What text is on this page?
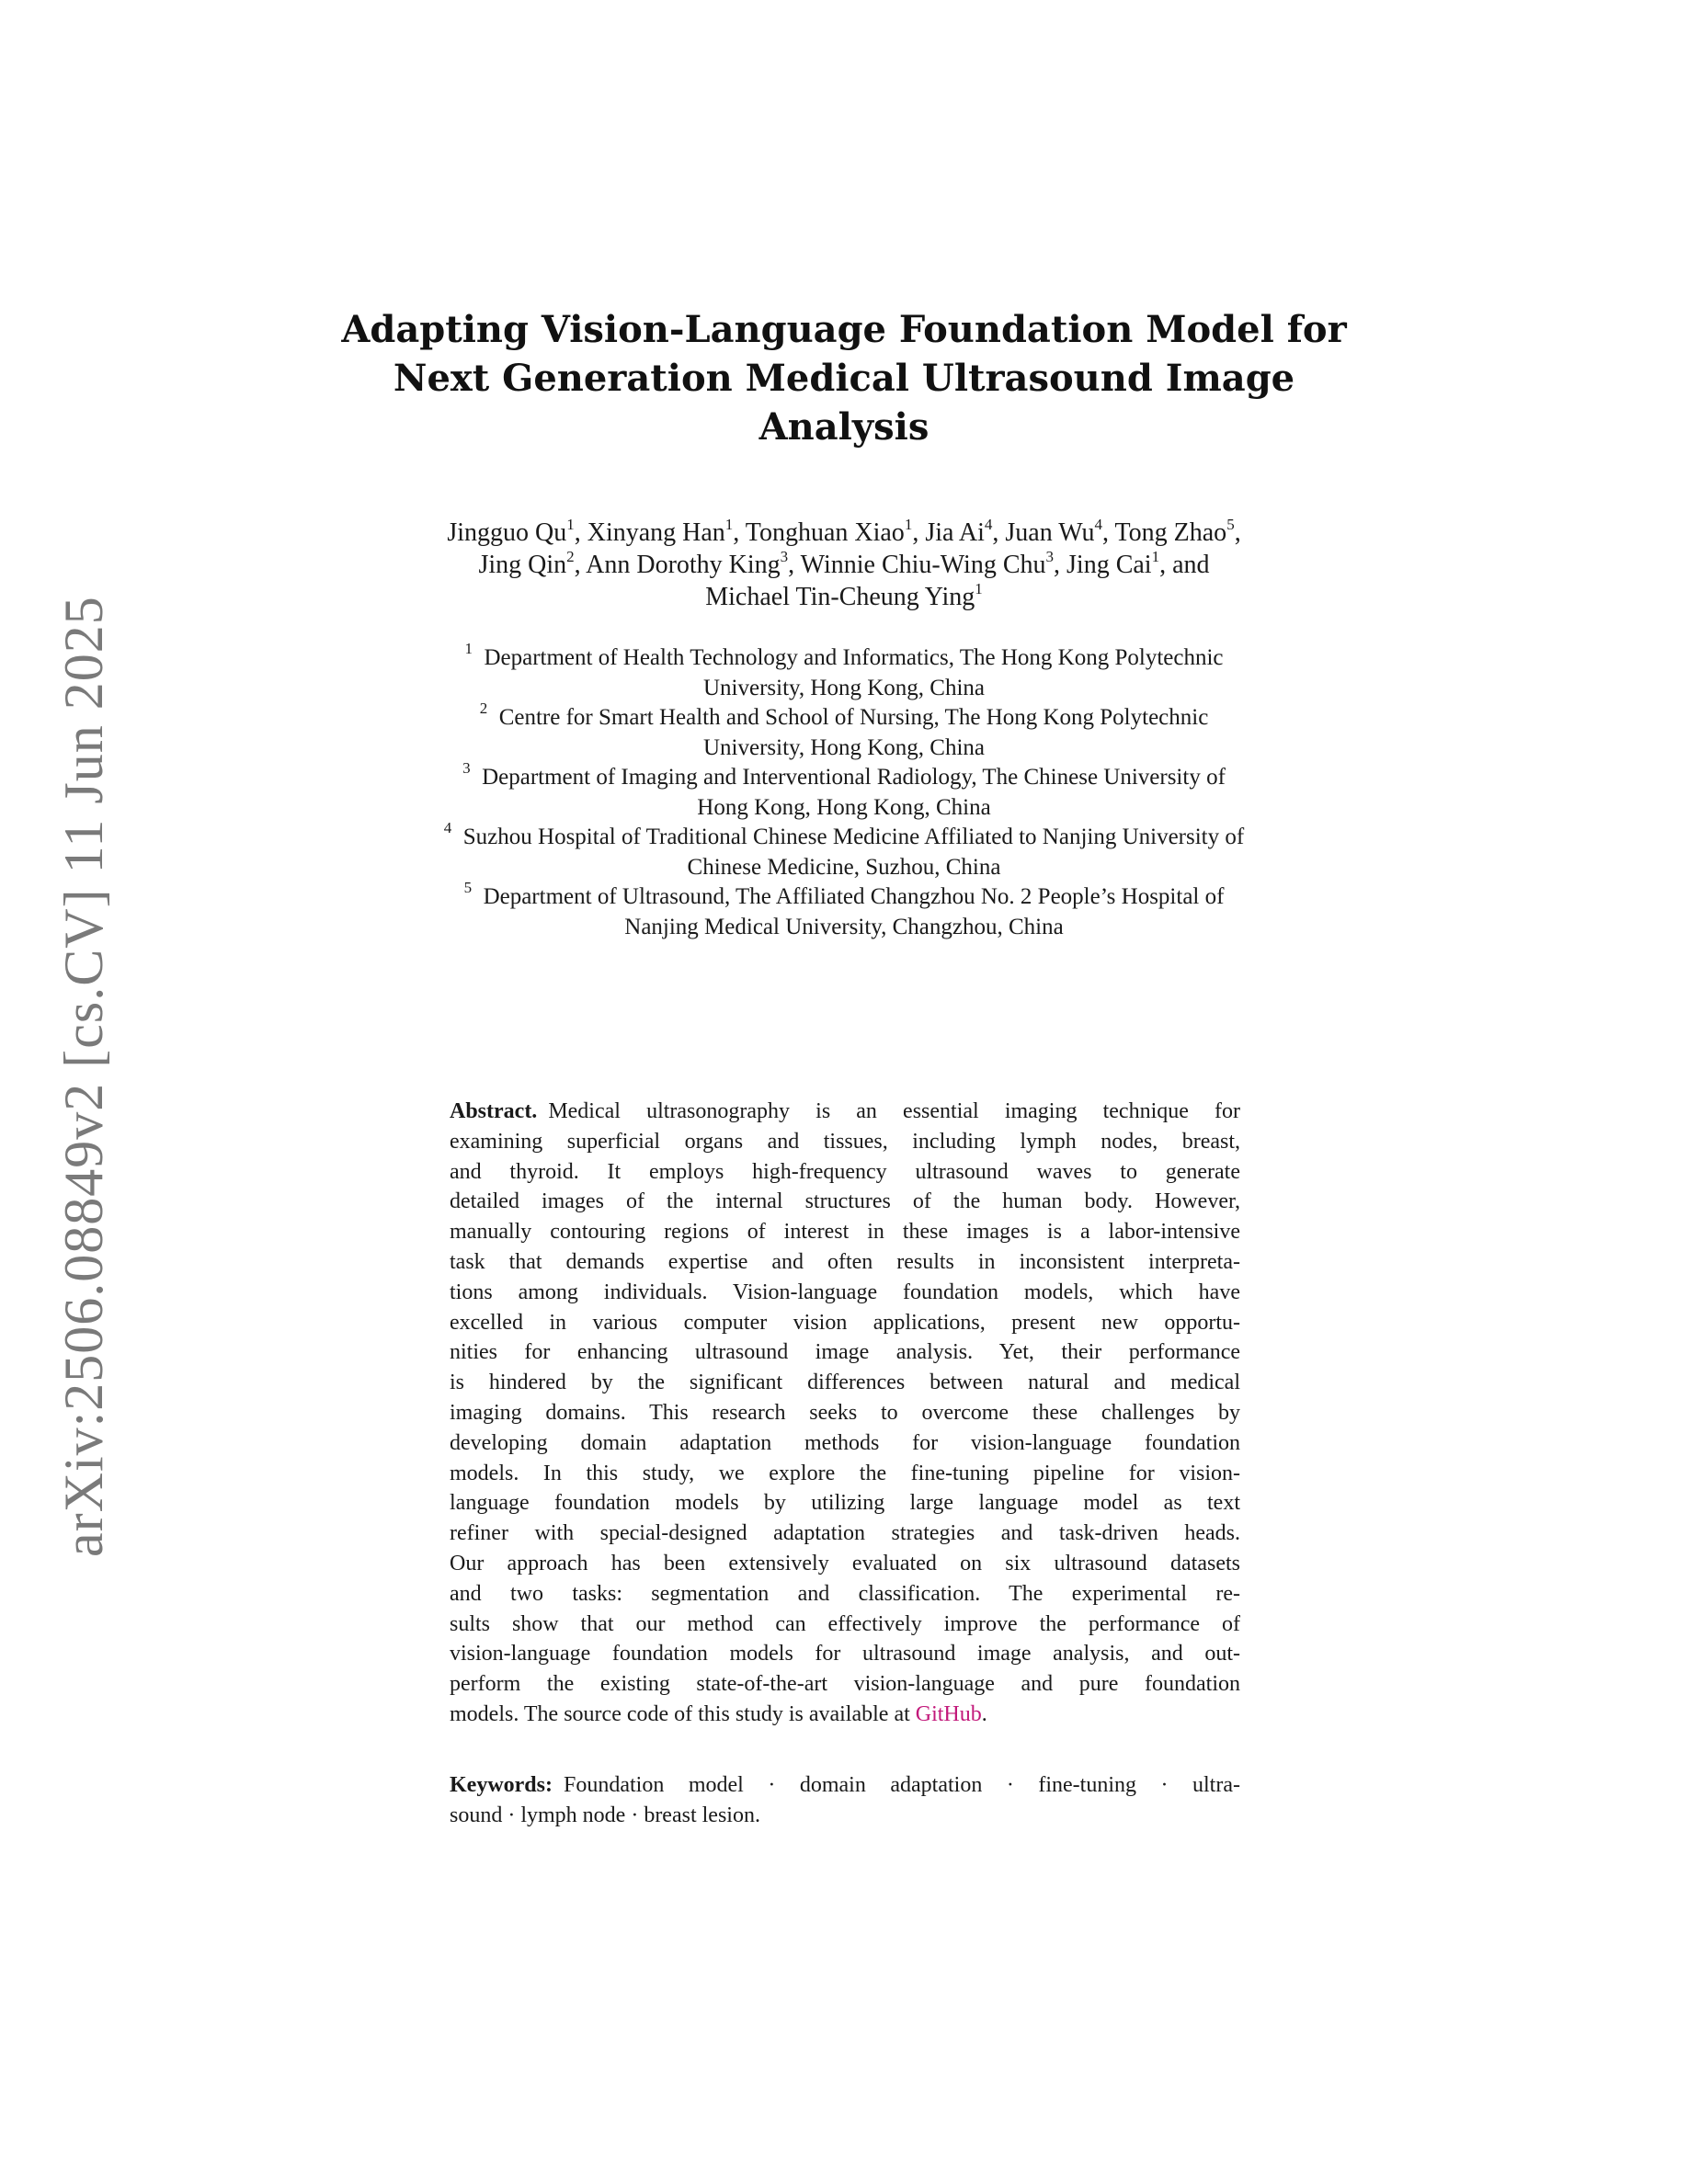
arXiv:2506.08849v2 [cs.CV] 11 Jun 2025
Adapting Vision-Language Foundation Model for
Next Generation Medical Ultrasound Image
Analysis
Jingguo Qu$^1$, Xinyang Han$^1$, Tonghuan Xiao$^1$, Jia Ai$^4$, Juan Wu$^4$, Tong Zhao$^5$,
Jing Qin$^2$, Ann Dorothy King$^3$, Winnie Chiu-Wing Chu$^3$, Jing Cai$^1$, and
Michael Tin-Cheung Ying$^1$
$^1$  Department of Health Technology and Informatics, The Hong Kong Polytechnic
University, Hong Kong, China
$^2$  Centre for Smart Health and School of Nursing, The Hong Kong Polytechnic
University, Hong Kong, China
$^3$  Department of Imaging and Interventional Radiology, The Chinese University of
Hong Kong, Hong Kong, China
$^4$  Suzhou Hospital of Traditional Chinese Medicine Affiliated to Nanjing University of
Chinese Medicine, Suzhou, China
$^5$  Department of Ultrasound, The Affiliated Changzhou No. 2 People’s Hospital of
Nanjing Medical University, Changzhou, China
Abstract.  Medical ultrasonography is an essential imaging technique for
examining superficial organs and tissues, including lymph nodes, breast,
and thyroid. It employs high-frequency ultrasound waves to generate
detailed images of the internal structures of the human body. However,
manually contouring regions of interest in these images is a labor-intensive
task that demands expertise and often results in inconsistent interpreta-
tions among individuals. Vision-language foundation models, which have
excelled in various computer vision applications, present new opportu-
nities for enhancing ultrasound image analysis. Yet, their performance
is hindered by the significant differences between natural and medical
imaging domains. This research seeks to overcome these challenges by
developing domain adaptation methods for vision-language foundation
models. In this study, we explore the fine-tuning pipeline for vision-
language foundation models by utilizing large language model as text
refiner with special-designed adaptation strategies and task-driven heads.
Our approach has been extensively evaluated on six ultrasound datasets
and two tasks: segmentation and classification. The experimental re-
sults show that our method can effectively improve the performance of
vision-language foundation models for ultrasound image analysis, and out-
perform the existing state-of-the-art vision-language and pure foundation
models. The source code of this study is available at GitHub.
Keywords:  Foundation model · domain adaptation · fine-tuning · ultra-
sound · lymph node · breast lesion.
